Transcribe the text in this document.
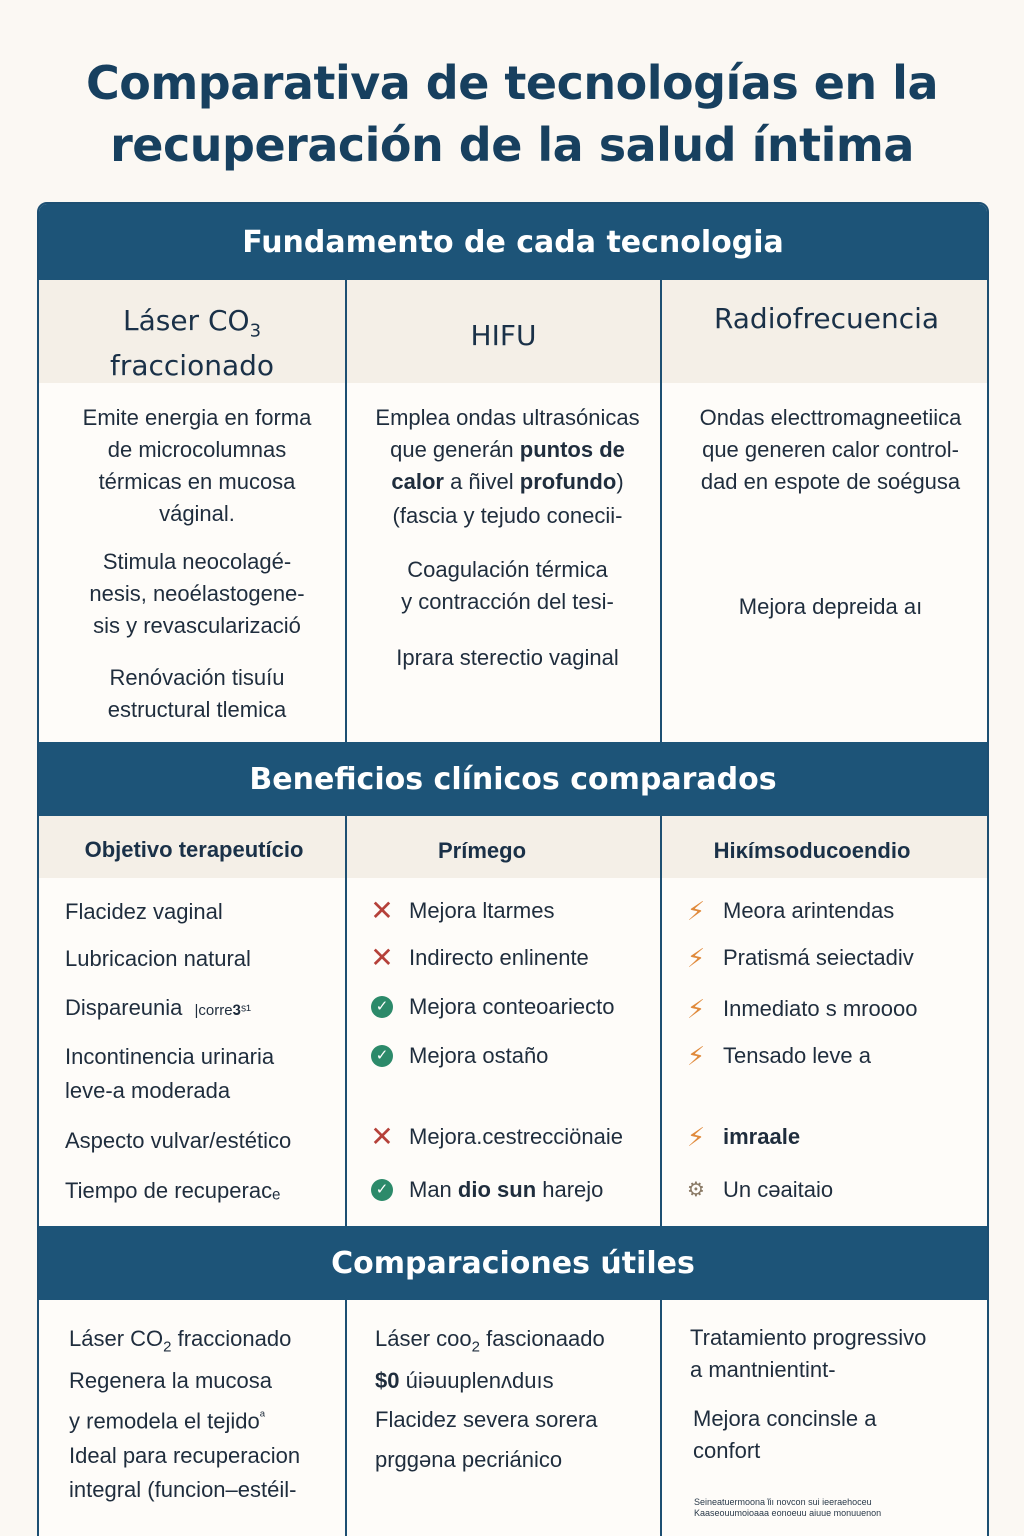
Comparativa de tecnologías en la
recuperación de la salud íntima
Fundamento de cada tecnologia
Láser $CO_3$
fraccionado
HIFU
Radiofrecuencia
Emite energia en forma
de microcolumnas
térmicas en mucosa
váginal.
Stimula neocolagé-
nesis, neoélastogene-
sis y revascularizació
Renóvación tisuíu
estructural tlemica
Emplea ondas ultrasónicas
que generán puntos de
calor a ñivel profundo)
(fascia y tejudo conecii-
Coagulación térmica
y contracción del tesi-
Iprara sterectio vaginal
Ondas electtromagneetiica
que generen calor control-
dad en espote de soégusa
Mejora depreida aı
Beneficios clínicos comparados
Objetivo terapeutício	Prímeɡo	Hiκímsoducoendio
Flacidez vaginal
Lubricacion natural
Dispareunia |corre𝟑ˢ¹
Incontinencia urinaria
leve-a moderada
Aspecto vulvar/estético
Tiempo de recuperacₑ
✕ Mejora ltarmes
✕ Indirecto enlinente
✓ Mejora conteoariecto
✓ Mejora ostaño
✕ Mejora.cestrecciönaie
✓ Man dio sun harejo
⚡ Meora arintendas
⚡ Pratismá seiectadiv
⚡ Inmediato s mroooo
⚡ Tensado leve a
⚡ imraale
⚙ Un cəaitaio
Comparaciones útiles
Láser $CO_2$ fraccionado
Regenera la mucosa
y remodela el tejido$^ᵃ$
Ideal para recuperacion
integral (funcion–estéil-
Láser coo$_2$ fascionaado
$0 úiəuuplenʌduıs
Flacidez severa sorera
prɡgəna pecriánico
Tratamiento progressivo
a mantnientint-
Mejora concinsle a
confort
Seineatuermoona ῖiı novcon sui ieeraehoceu
Kaaseouumoioaaa eonoeuu aiuue monuuenon
